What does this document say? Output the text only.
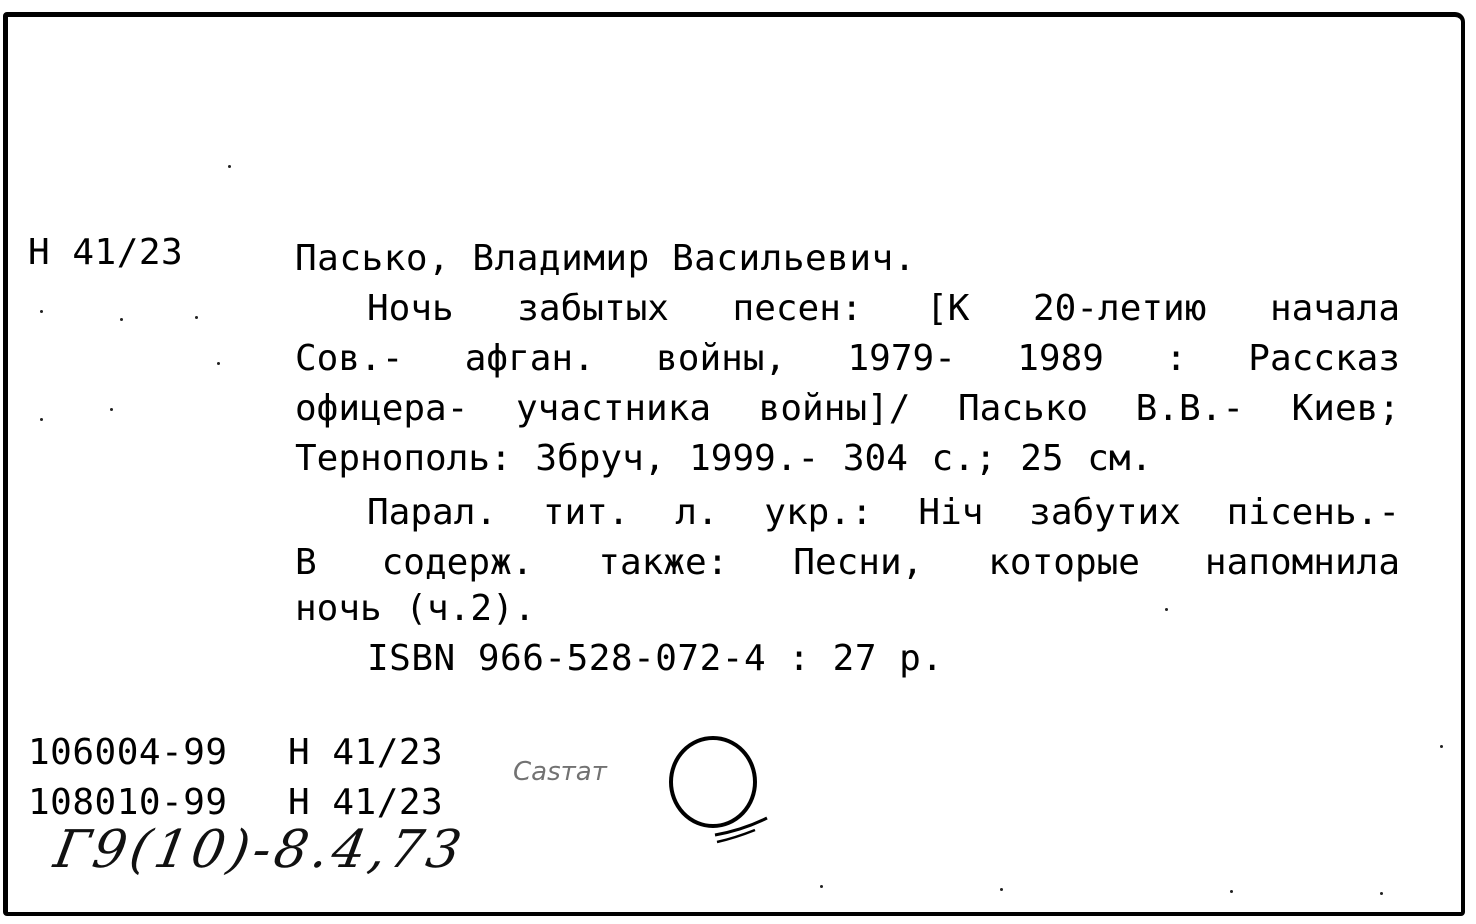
Н 41/23	Пасько, Владимир Васильевич.
Ночь забытых песен: [К 20-летию начала
Сов.- афган. войны, 1979- 1989 : Рассказ
офицера- участника войны]/ Пасько В.В.- Киев;
Тернополь: Збруч, 1999.- 304 с.; 25 см.
Парал. тит. л. укр.: Ніч забутих пісень.-
В содерж. также: Песни, которые напомнила
ночь (ч.2).
ISBN 966-528-072-4 : 27 р.
106004-99 Н 41/23
108010-99 Н 41/23
Саsтат
Г9(10)-8.4,73
